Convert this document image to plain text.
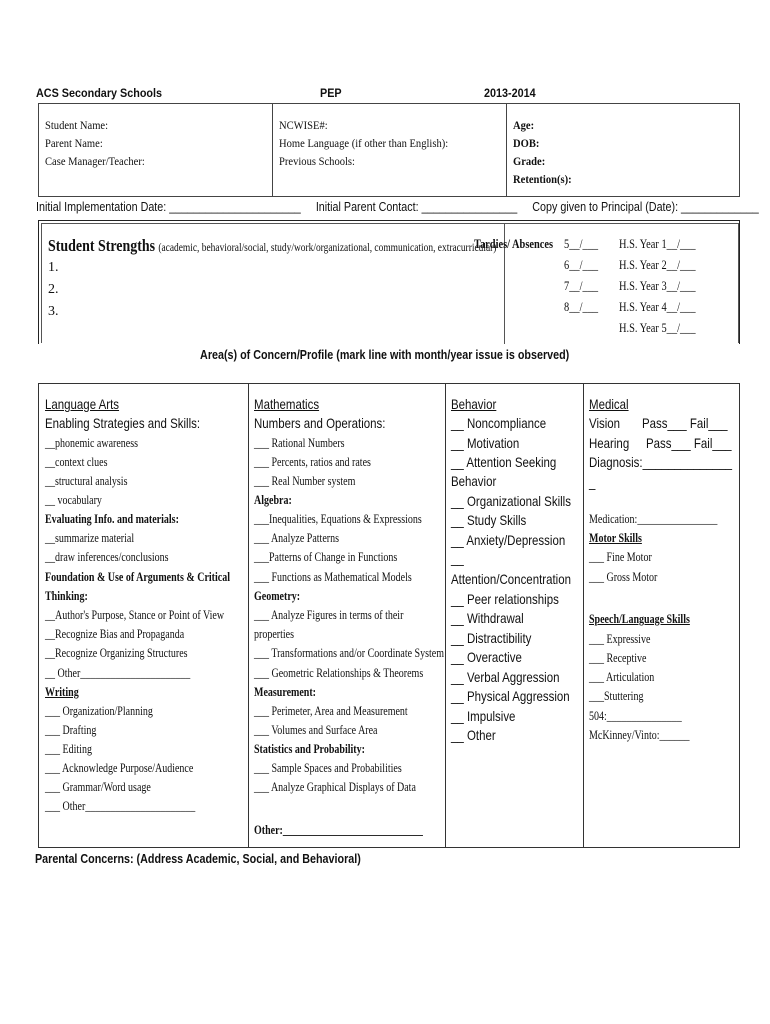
ACS Secondary Schools	PEP	2013-2014
Student Name:
Parent Name:
Case Manager/Teacher:
NCWISE#:
Home Language (if other than English):
Previous Schools:
Age:
DOB:
Grade:
Retention(s):
Initial Implementation Date: ______________________ Initial Parent Contact: ________________ Copy given to Principal (Date): _____________
Student Strengths (academic, behavioral/social, study/work/organizational, communication, extracurricular)
1.
2.
3.
Tardies/ Absences 5__/___
6__/___
7__/___
8__/___
H.S. Year 1__/___
H.S. Year 2__/___
H.S. Year 3__/___
H.S. Year 4__/___
H.S. Year 5__/___
Area(s) of Concern/Profile (mark line with month/year issue is observed)
Language Arts
Enabling Strategies and Skills:
__phonemic awareness
__context clues
__structural analysis
__ vocabulary
Evaluating Info. and materials:
__summarize material
__draw inferences/conclusions
Foundation & Use of Arguments & Critical
Thinking:
__Author's Purpose, Stance or Point of View
__Recognize Bias and Propaganda
__Recognize Organizing Structures
__ Other______________________
Writing
___ Organization/Planning
___ Drafting
___ Editing
___ Acknowledge Purpose/Audience
___ Grammar/Word usage
___ Other______________________
Mathematics
Numbers and Operations:
___ Rational Numbers
___ Percents, ratios and rates
___ Real Number system
Algebra:
___Inequalities, Equations & Expressions
___ Analyze Patterns
___Patterns of Change in Functions
___ Functions as Mathematical Models
Geometry:
___ Analyze Figures in terms of their
properties
___ Transformations and/or Coordinate System
___ Geometric Relationships & Theorems
Measurement:
___ Perimeter, Area and Measurement
___ Volumes and Surface Area
Statistics and Probability:
___ Sample Spaces and Probabilities
___ Analyze Graphical Displays of Data
Other:____________________________
Behavior
__ Noncompliance
__ Motivation
__ Attention Seeking
Behavior
__ Organizational Skills
__ Study Skills
__ Anxiety/Depression
__
Attention/Concentration
__ Peer relationships
__ Withdrawal
__ Distractibility
__ Overactive
__ Verbal Aggression
__ Physical Aggression
__ Impulsive
__ Other
Medical
Vision Pass___ Fail___
Hearing Pass___ Fail___
Diagnosis:______________
_
Medication:________________
Motor Skills
___ Fine Motor
___ Gross Motor
Speech/Language Skills
___ Expressive
___ Receptive
___ Articulation
___Stuttering
504:_______________
McKinney/Vinto:______
Parental Concerns: (Address Academic, Social, and Behavioral)
